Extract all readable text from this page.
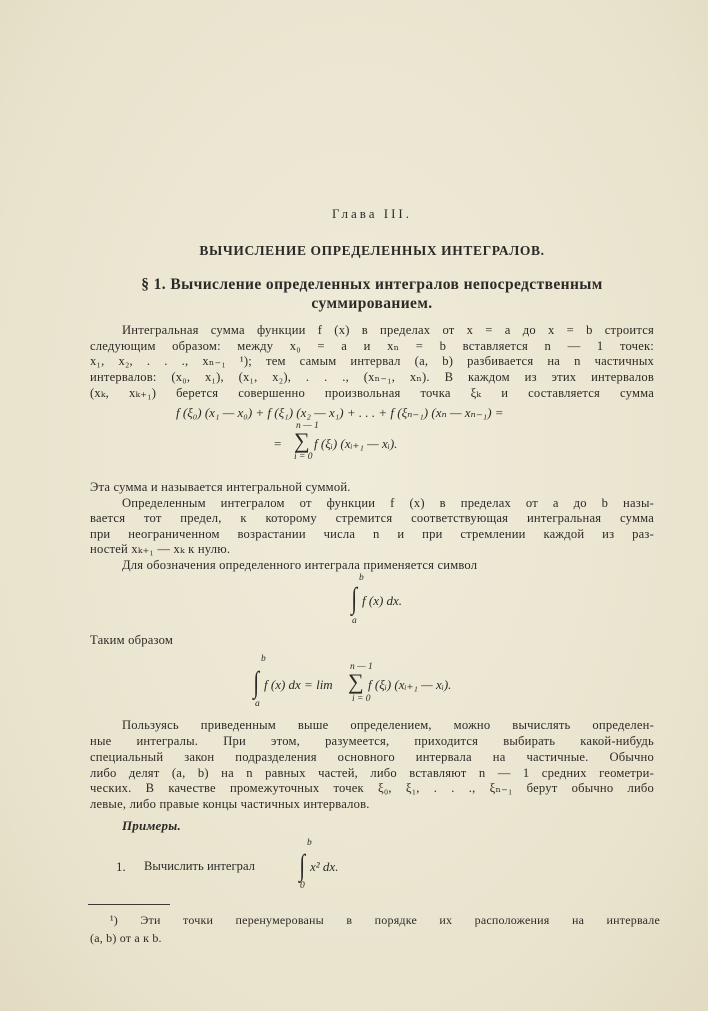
Глава III.
ВЫЧИСЛЕНИЕ ОПРЕДЕЛЕННЫХ ИНТЕГРАЛОВ.
§ 1. Вычисление определенных интегралов непосредственным
суммированием.
Интегральная сумма функции f (x) в пределах от x = a до x = b строится
следующим образом: между x₀ = a и xₙ = b вставляется n — 1 точек:
x₁, x₂, . . ., xₙ₋₁ ¹); тем самым интервал (a, b) разбивается на n частичных
интервалов: (x₀, x₁), (x₁, x₂), . . ., (xₙ₋₁, xₙ). В каждом из этих интервалов
(xₖ, xₖ₊₁) берется совершенно произвольная точка ξₖ и составляется сумма
f (ξ₀) (x₁ — x₀) + f (ξ₁) (x₂ — x₁) + . . . + f (ξₙ₋₁) (xₙ — xₙ₋₁) =
n — 1
= ∑ f (ξᵢ) (xᵢ₊₁ — xᵢ).
i = 0
Эта сумма и называется интегральной суммой.
Определенным интегралом от функции f (x) в пределах от a до b назы-
вается тот предел, к которому стремится соответствующая интегральная сумма
при неограниченном возрастании числа n и при стремлении каждой из раз-
ностей xₖ₊₁ — xₖ к нулю.
Для обозначения определенного интеграла применяется символ
b
∫ f (x) dx.
a
Таким образом
b
∫ f (x) dx = lim
a
n — 1
∑ f (ξᵢ) (xᵢ₊₁ — xᵢ).
i = 0
Пользуясь приведенным выше определением, можно вычислять определен-
ные интегралы. При этом, разумеется, приходится выбирать какой-нибудь
специальный закон подразделения основного интервала на частичные. Обычно
либо делят (a, b) на n равных частей, либо вставляют n — 1 средних геометри-
ческих. В качестве промежуточных точек ξ₀, ξ₁, . . ., ξₙ₋₁ берут обычно либо
левые, либо правые концы частичных интервалов.
Примеры.
1. Вычислить интеграл
b
∫ x² dx.
0
¹) Эти точки перенумерованы в порядке их расположения на интервале
(a, b) от a к b.
